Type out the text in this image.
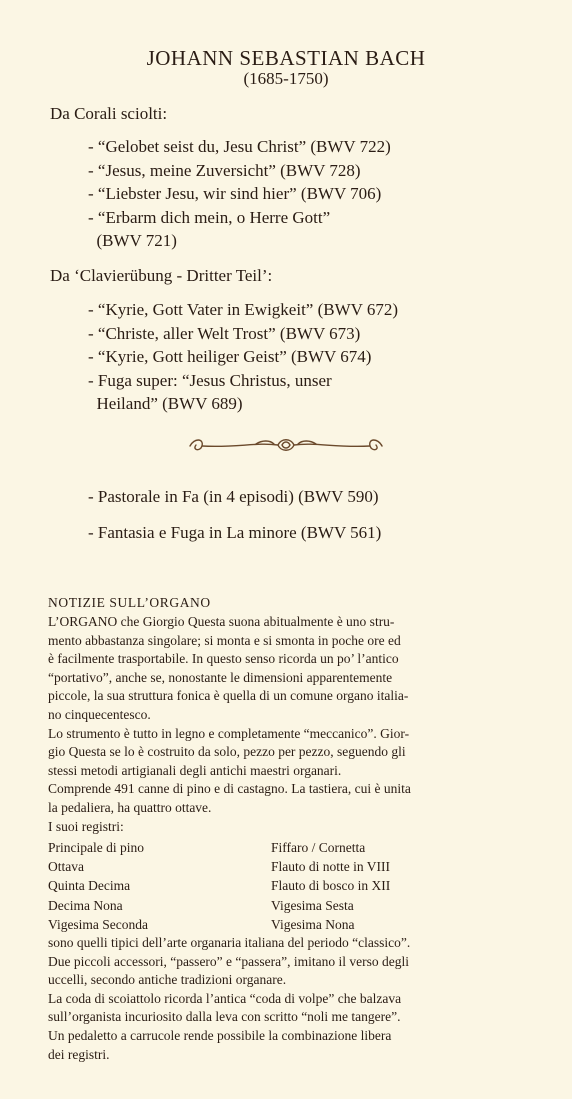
JOHANN SEBASTIAN BACH
(1685-1750)
Da Corali sciolti:
- “Gelobet seist du, Jesu Christ” (BWV 722)
- “Jesus, meine Zuversicht” (BWV 728)
- “Liebster Jesu, wir sind hier” (BWV 706)
- “Erbarm dich mein, o Herre Gott”
(BWV 721)
Da ‘Clavierübung - Dritter Teil’:
- “Kyrie, Gott Vater in Ewigkeit” (BWV 672)
- “Christe, aller Welt Trost” (BWV 673)
- “Kyrie, Gott heiliger Geist” (BWV 674)
- Fuga super: “Jesus Christus, unser
Heiland” (BWV 689)
- Pastorale in Fa (in 4 episodi) (BWV 590)
- Fantasia e Fuga in La minore (BWV 561)
NOTIZIE SULL’ORGANO

L’ORGANO che Giorgio Questa suona abitualmente è uno stru-

mento abbastanza singolare; si monta e si smonta in poche ore ed

è facilmente trasportabile. In questo senso ricorda un po’ l’antico

“portativo”, anche se, nonostante le dimensioni apparentemente

piccole, la sua struttura fonica è quella di un comune organo italia-

no cinquecentesco.

Lo strumento è tutto in legno e completamente “meccanico”. Gior-

gio Questa se lo è costruito da solo, pezzo per pezzo, seguendo gli

stessi metodi artigianali degli antichi maestri organari.

Comprende 491 canne di pino e di castagno. La tastiera, cui è unita

la pedaliera, ha quattro ottave.

I suoi registri:

Principale di pino
Ottava
Quinta Decima
Decima Nona
Vigesima Seconda
Fiffaro / Cornetta
Flauto di notte in VIII
Flauto di bosco in XII
Vigesima Sesta
Vigesima Nona

sono quelli tipici dell’arte organaria italiana del periodo “classico”.

Due piccoli accessori, “passero” e “passera”, imitano il verso degli

uccelli, secondo antiche tradizioni organare.

La coda di scoiattolo ricorda l’antica “coda di volpe” che balzava

sull’organista incuriosito dalla leva con scritto “noli me tangere”.

Un pedaletto a carrucole rende possibile la combinazione libera

dei registri.
